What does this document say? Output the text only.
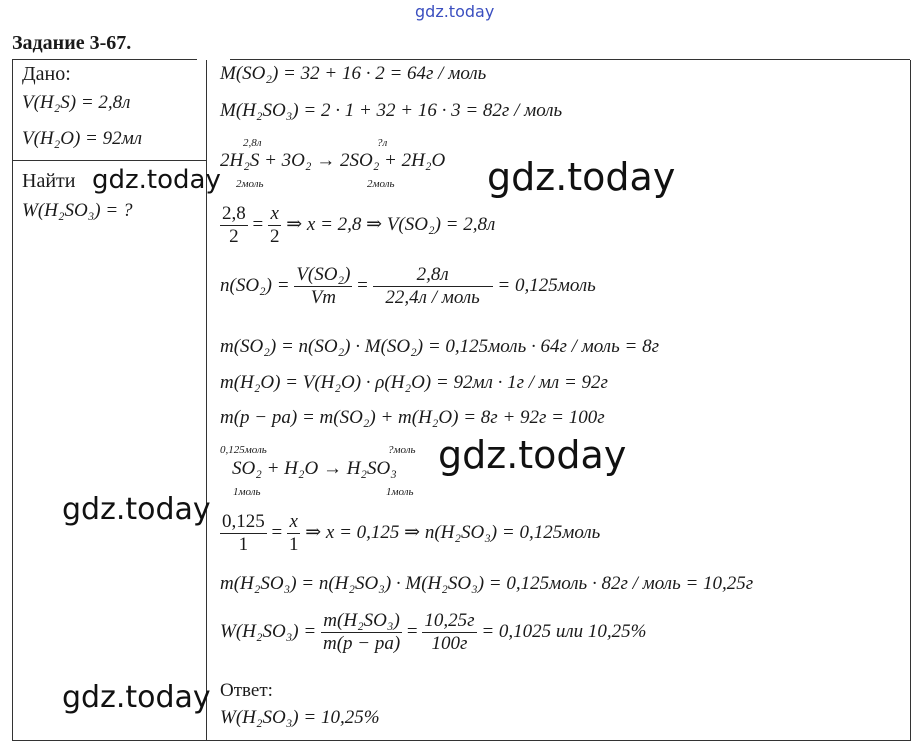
gdz.today
Задание 3-67.
Дано:
V(H₂S) = 2,8л
V(H₂O) = 92мл
Найти gdz.today
W(H₂SO₃) = ?
M(SO₂) = 32 + 16 · 2 = 64г / моль
M(H₂SO₃) = 2 · 1 + 32 + 16 · 3 = 82г / моль
2,8л	?л
2H₂S + 3O₂ → 2SO₂ + 2H₂O
2моль	2моль gdz.today
$\frac{2,8}{2} = \frac{x}{2}$ ⇒ x = 2,8 ⇒ V(SO₂) = 2,8л
$n(SO_2) = \frac{\text{V(SO₂)}}{Vm} = \frac{2,8л}{\text{22,4л / моль}}$ = 0,125моль
m(SO₂) = n(SO₂) · M(SO₂) = 0,125моль · 64г / моль = 8г
m(H₂O) = V(H₂O) · ρ(H₂O) = 92мл · 1г / мл = 92г
m(p − pa) = m(SO₂) + m(H₂O) = 8г + 92г = 100г
0,125моль	?моль
SO₂ + H₂O → H₂SO₃
1моль	1моль
gdz.today
gdz.today
$\frac{0,125}{1} = \frac{x}{1}$ ⇒ x = 0,125 ⇒ n(H₂SO₃) = 0,125моль
m(H₂SO₃) = n(H₂SO₃) · M(H₂SO₃) = 0,125моль · 82г / моль = 10,25г
$W(H_2SO_3) = \frac{\text{m(H₂SO₃)}}{m(p - pa)} = \frac{10,25г}{100г} = 0,1025$ или 10,25%
gdz.today Ответ:
W(H₂SO₃) = 10,25%
